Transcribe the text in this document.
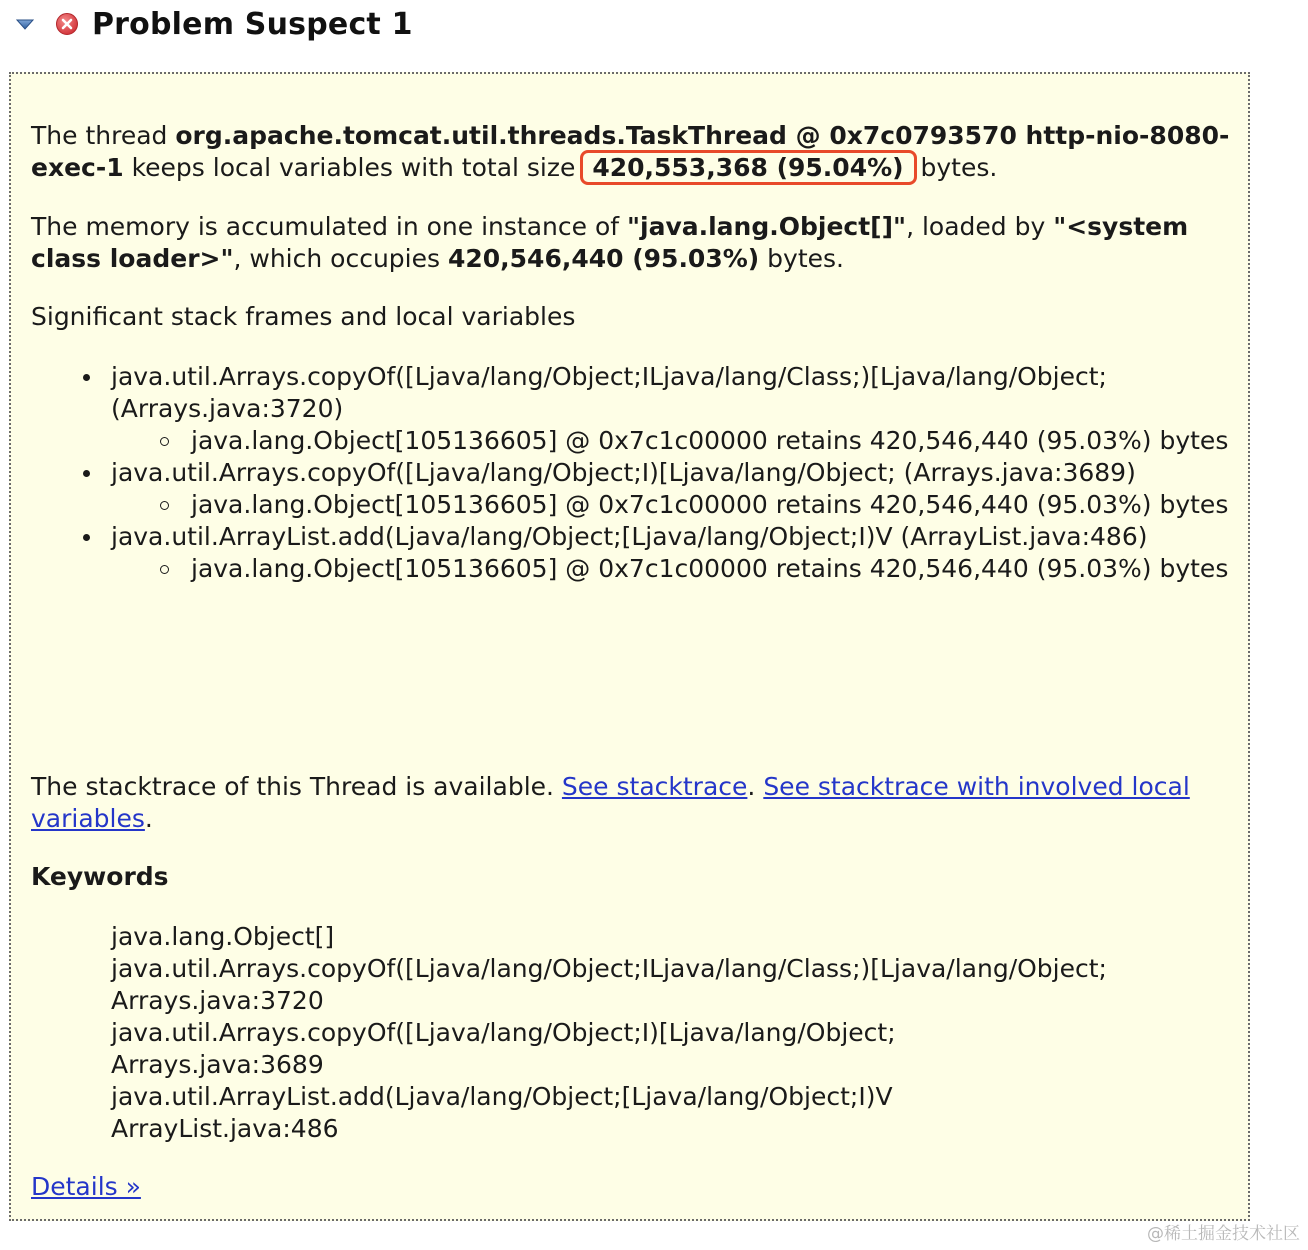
Problem Suspect 1

The thread org.apache.tomcat.util.threads.TaskThread @ 0x7c0793570 http-nio-8080-exec-1 keeps local variables with total size 420,553,368 (95.04%) bytes.

The memory is accumulated in one instance of "java.lang.Object[]", loaded by "<system class loader>", which occupies 420,546,440 (95.03%) bytes.

Significant stack frames and local variables

java.util.Arrays.copyOf([Ljava/lang/Object;ILjava/lang/Class;)[Ljava/lang/Object; (Arrays.java:3720)
java.lang.Object[105136605] @ 0x7c1c00000 retains 420,546,440 (95.03%) bytes
java.util.Arrays.copyOf([Ljava/lang/Object;I)[Ljava/lang/Object; (Arrays.java:3689)
java.lang.Object[105136605] @ 0x7c1c00000 retains 420,546,440 (95.03%) bytes
java.util.ArrayList.add(Ljava/lang/Object;[Ljava/lang/Object;I)V (ArrayList.java:486)
java.lang.Object[105136605] @ 0x7c1c00000 retains 420,546,440 (95.03%) bytes

The stacktrace of this Thread is available. See stacktrace. See stacktrace with involved local variables.

Keywords

java.lang.Object[]
java.util.Arrays.copyOf([Ljava/lang/Object;ILjava/lang/Class;)[Ljava/lang/Object;
Arrays.java:3720
java.util.Arrays.copyOf([Ljava/lang/Object;I)[Ljava/lang/Object;
Arrays.java:3689
java.util.ArrayList.add(Ljava/lang/Object;[Ljava/lang/Object;I)V
ArrayList.java:486

Details »

@稀土掘金技术社区
